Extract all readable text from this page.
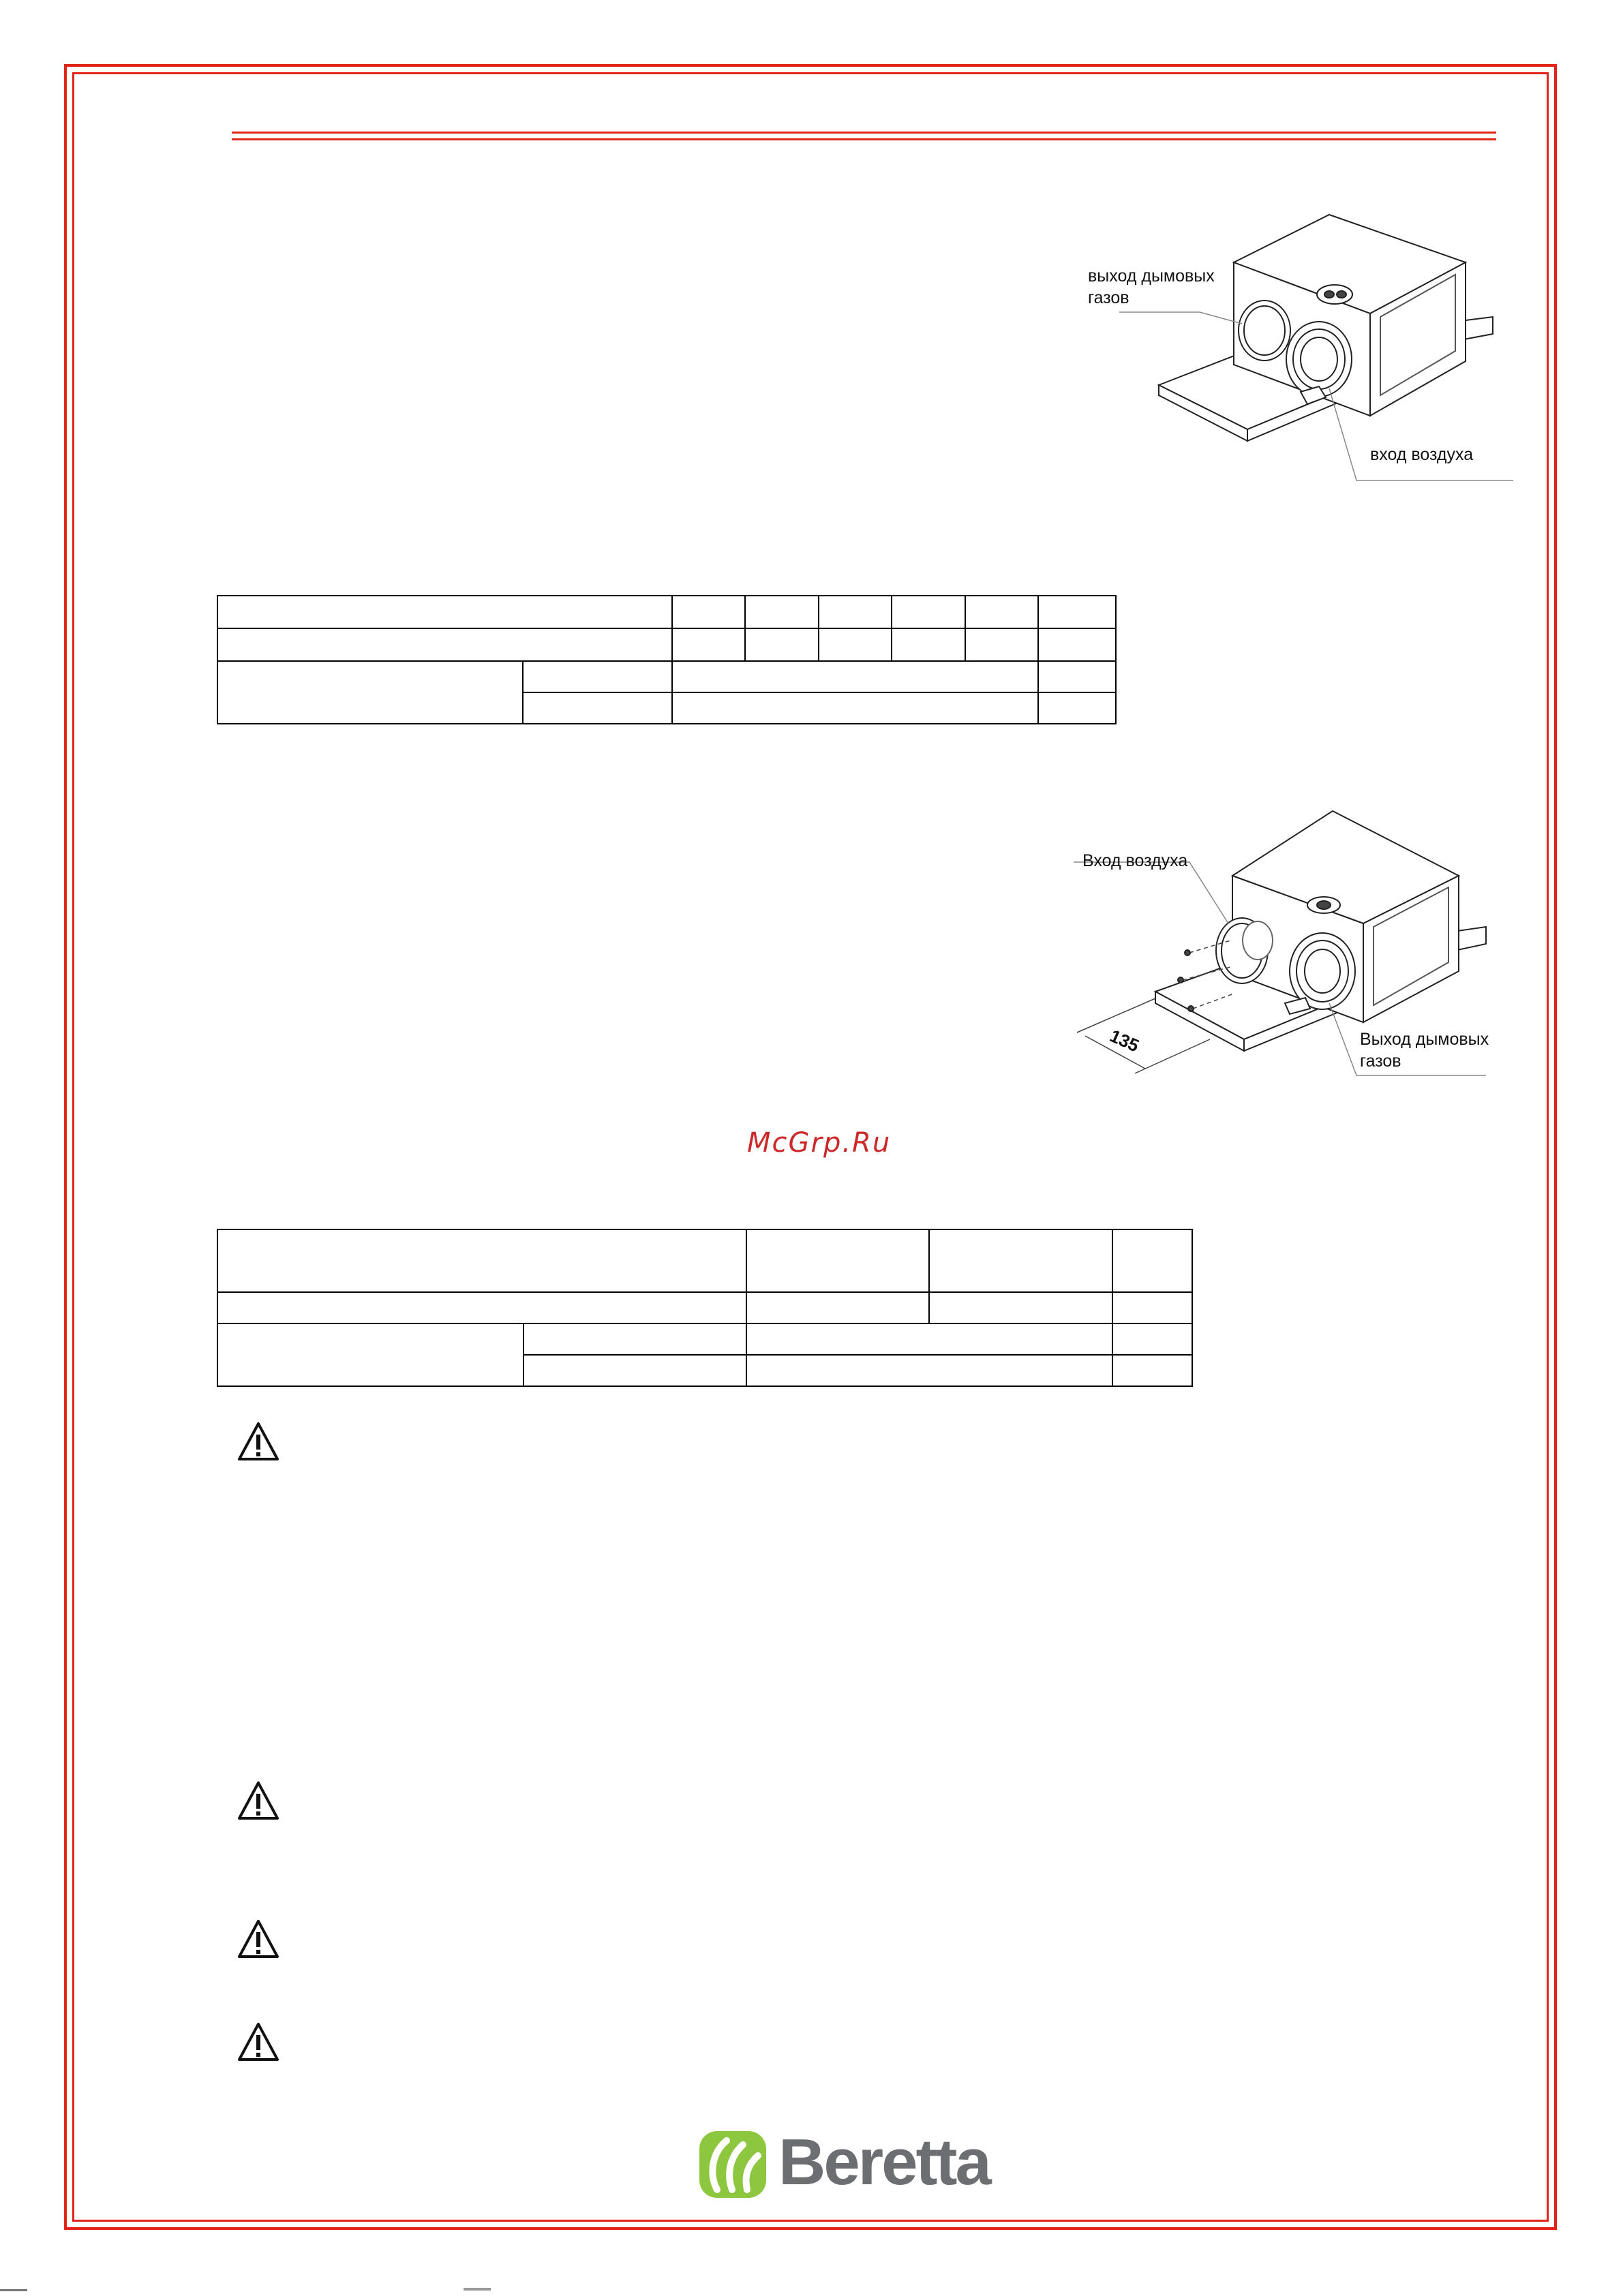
выход дымовых
газов
вход воздуха

Вход воздуха
Выход дымовых
газов
135
McGrp.Ru

Beretta
